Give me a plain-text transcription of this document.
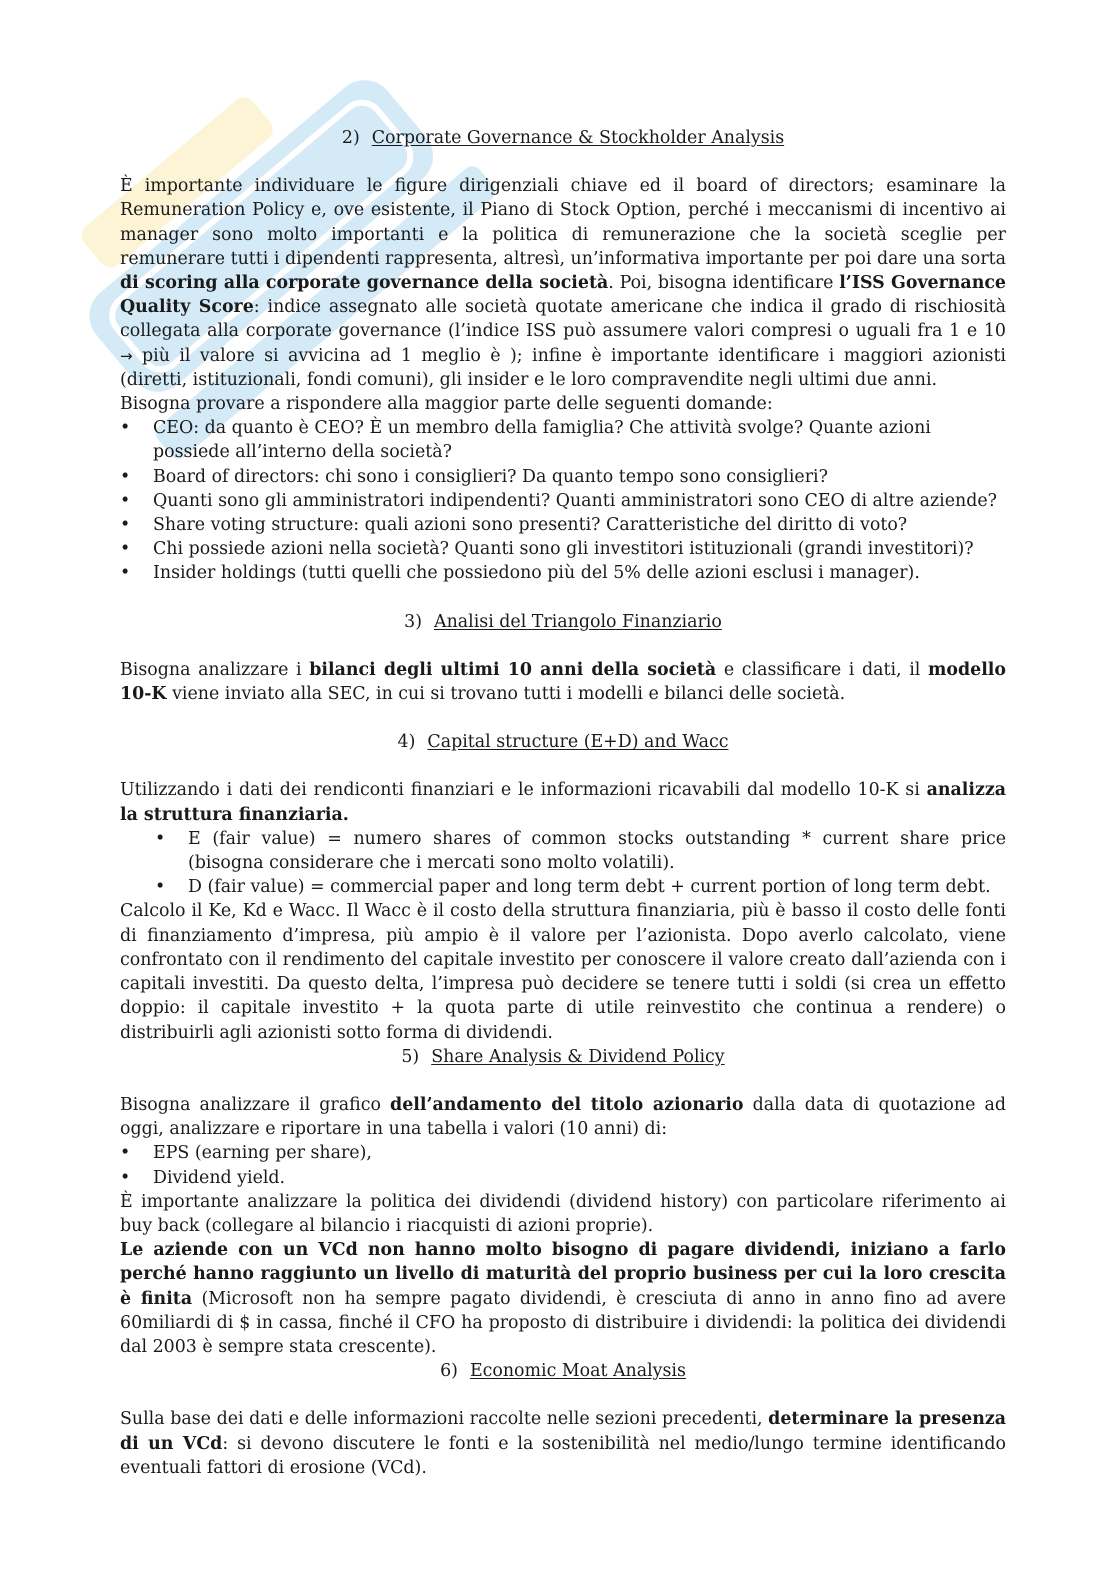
2) Corporate Governance & Stockholder Analysis

È importante individuare le figure dirigenziali chiave ed il board of directors; esaminare la Remuneration Policy e, ove esistente, il Piano di Stock Option, perché i meccanismi di incentivo ai manager sono molto importanti e la politica di remunerazione che la società sceglie per remunerare tutti i dipendenti rappresenta, altresì, un’informativa importante per poi dare una sorta di scoring alla corporate governance della società. Poi, bisogna identificare l’ISS Governance Quality Score: indice assegnato alle società quotate americane che indica il grado di rischiosità collegata alla corporate governance (l’indice ISS può assumere valori compresi o uguali fra 1 e 10 → più il valore si avvicina ad 1 meglio è ); infine è importante identificare i maggiori azionisti (diretti, istituzionali, fondi comuni), gli insider e le loro compravendite negli ultimi due anni.

Bisogna provare a rispondere alla maggior parte delle seguenti domande:

• CEO: da quanto è CEO? È un membro della famiglia? Che attività svolge? Quante azioni possiede all’interno della società?
• Board of directors: chi sono i consiglieri? Da quanto tempo sono consiglieri?
• Quanti sono gli amministratori indipendenti? Quanti amministratori sono CEO di altre aziende?
• Share voting structure: quali azioni sono presenti? Caratteristiche del diritto di voto?
• Chi possiede azioni nella società? Quanti sono gli investitori istituzionali (grandi investitori)?
• Insider holdings (tutti quelli che possiedono più del 5% delle azioni esclusi i manager).
3) Analisi del Triangolo Finanziario

Bisogna analizzare i bilanci degli ultimi 10 anni della società e classificare i dati, il modello 10-K viene inviato alla SEC, in cui si trovano tutti i modelli e bilanci delle società.

4) Capital structure (E+D) and Wacc

Utilizzando i dati dei rendiconti finanziari e le informazioni ricavabili dal modello 10-K si analizza la struttura finanziaria.

• E (fair value) = numero shares of common stocks outstanding * current share price (bisogna considerare che i mercati sono molto volatili).
• D (fair value) = commercial paper and long term debt + current portion of long term debt.

Calcolo il Ke, Kd e Wacc. Il Wacc è il costo della struttura finanziaria, più è basso il costo delle fonti di finanziamento d’impresa, più ampio è il valore per l’azionista. Dopo averlo calcolato, viene confrontato con il rendimento del capitale investito per conoscere il valore creato dall’azienda con i capitali investiti. Da questo delta, l’impresa può decidere se tenere tutti i soldi (si crea un effetto doppio: il capitale investito + la quota parte di utile reinvestito che continua a rendere) o distribuirli agli azionisti sotto forma di dividendi.

5) Share Analysis & Dividend Policy

Bisogna analizzare il grafico dell’andamento del titolo azionario dalla data di quotazione ad oggi, analizzare e riportare in una tabella i valori (10 anni) di:

• EPS (earning per share),
• Dividend yield.

È importante analizzare la politica dei dividendi (dividend history) con particolare riferimento ai buy back (collegare al bilancio i riacquisti di azioni proprie).

Le aziende con un VCd non hanno molto bisogno di pagare dividendi, iniziano a farlo perché hanno raggiunto un livello di maturità del proprio business per cui la loro crescita è finita (Microsoft non ha sempre pagato dividendi, è cresciuta di anno in anno fino ad avere 60miliardi di $ in cassa, finché il CFO ha proposto di distribuire i dividendi: la politica dei dividendi dal 2003 è sempre stata crescente).

6) Economic Moat Analysis

Sulla base dei dati e delle informazioni raccolte nelle sezioni precedenti, determinare la presenza di un VCd: si devono discutere le fonti e la sostenibilità nel medio/lungo termine identificando eventuali fattori di erosione (VCd).
